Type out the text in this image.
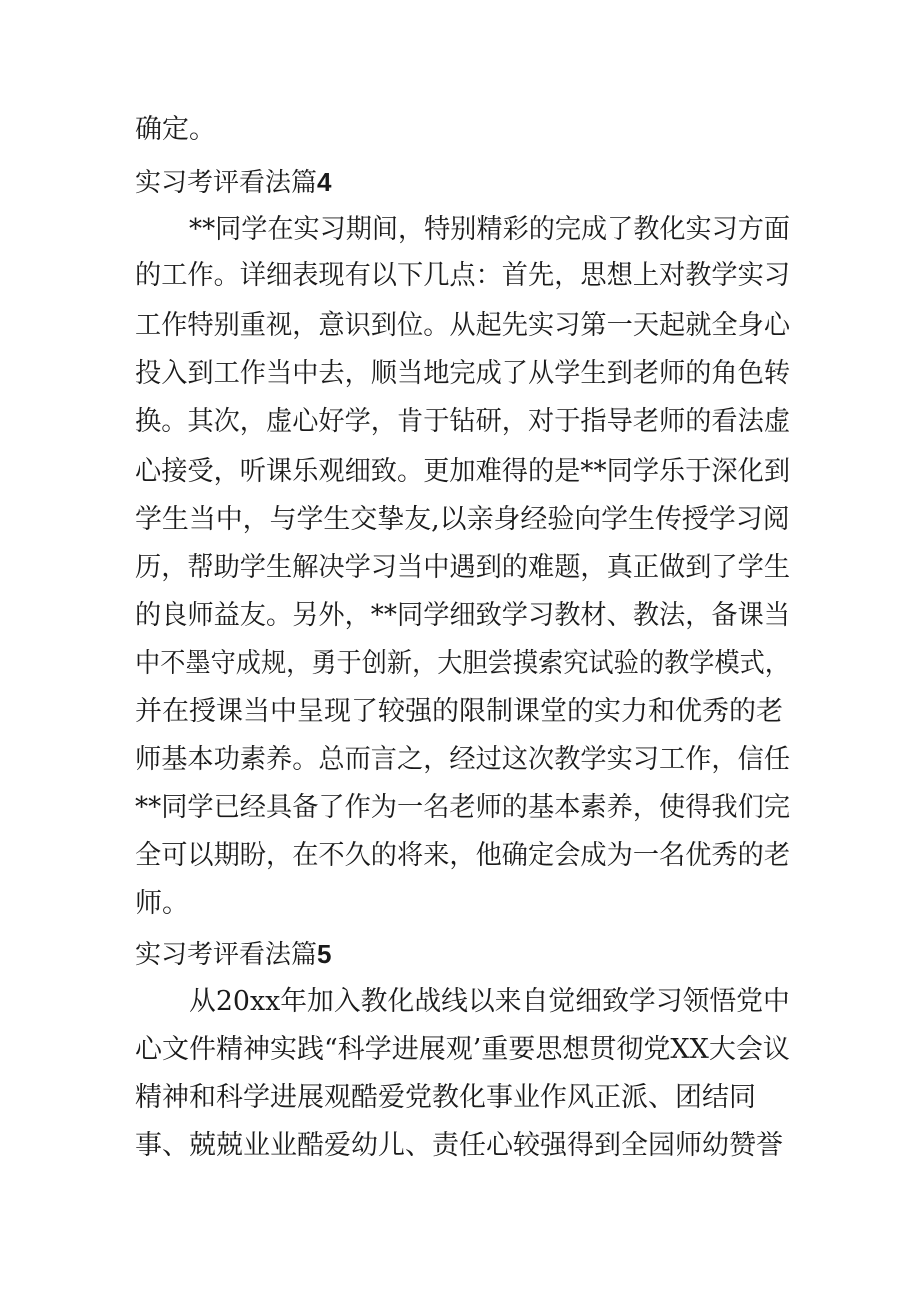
确定。
实习考评看法篇4
**同学在实习期间，特别精彩的完成了教化实习方面
的工作。详细表现有以下几点：首先，思想上对教学实习
工作特别重视，意识到位。从起先实习第一天起就全身心
投入到工作当中去，顺当地完成了从学生到老师的角色转
换。其次，虚心好学，肯于钻研，对于指导老师的看法虚
心接受，听课乐观细致。更加难得的是**同学乐于深化到
学生当中，与学生交挚友,以亲身经验向学生传授学习阅
历，帮助学生解决学习当中遇到的难题，真正做到了学生
的良师益友。另外，**同学细致学习教材、教法，备课当
中不墨守成规，勇于创新，大胆尝摸索究试验的教学模式，
并在授课当中呈现了较强的限制课堂的实力和优秀的老
师基本功素养。总而言之，经过这次教学实习工作，信任
**同学已经具备了作为一名老师的基本素养，使得我们完
全可以期盼，在不久的将来，他确定会成为一名优秀的老
师。
实习考评看法篇5
从20xx年加入教化战线以来自觉细致学习领悟党中
心文件精神实践“科学进展观’重要思想贯彻党XX大会议
精神和科学进展观酷爱党教化事业作风正派、团结同
事、兢兢业业酷爱幼儿、责任心较强得到全园师幼赞誉
